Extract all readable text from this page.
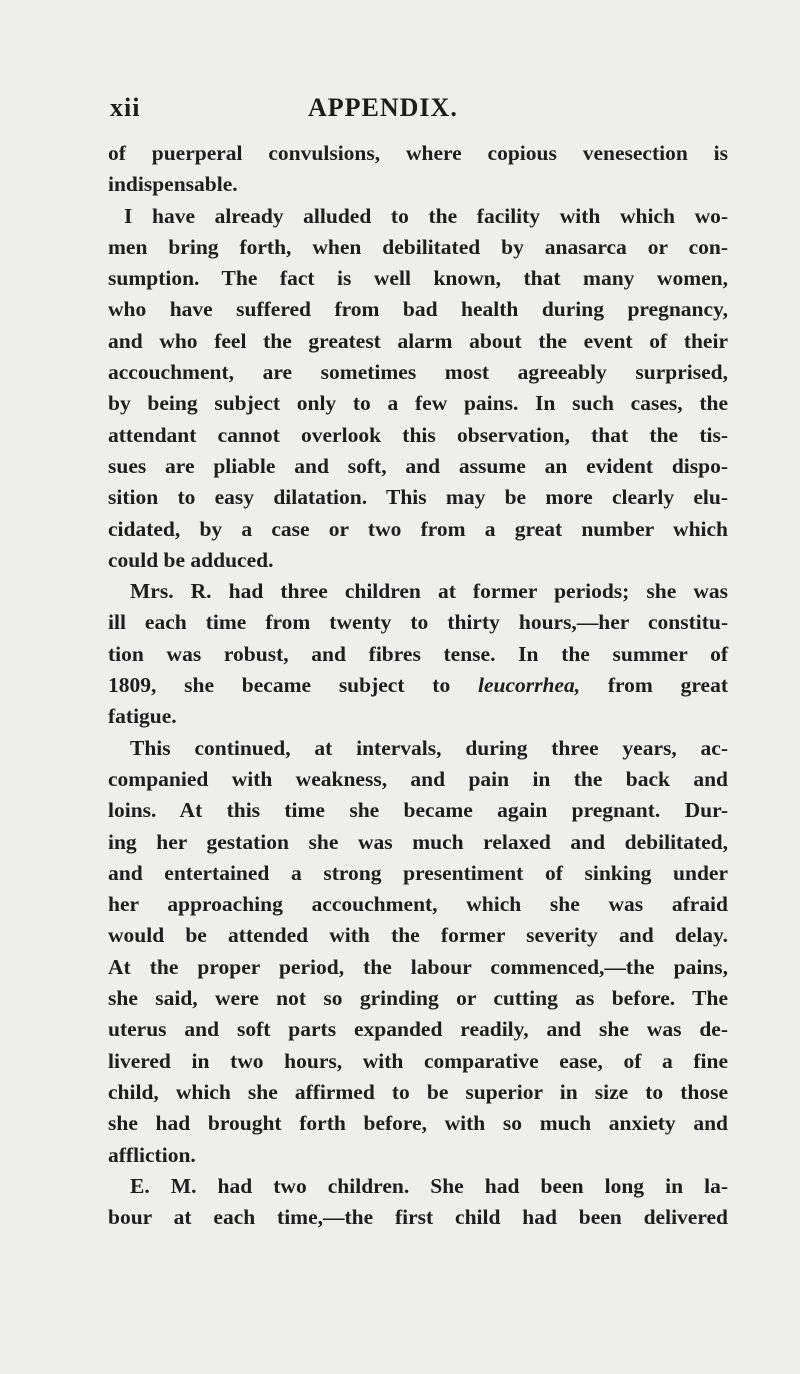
xii	APPENDIX.
of puerperal convulsions, where copious venesection is
indispensable.
I have already alluded to the facility with which wo-
men bring forth, when debilitated by anasarca or con-
sumption. The fact is well known, that many women,
who have suffered from bad health during pregnancy,
and who feel the greatest alarm about the event of their
accouchment, are sometimes most agreeably surprised,
by being subject only to a few pains. In such cases, the
attendant cannot overlook this observation, that the tis-
sues are pliable and soft, and assume an evident dispo-
sition to easy dilatation. This may be more clearly elu-
cidated, by a case or two from a great number which
could be adduced.
Mrs. R. had three children at former periods; she was
ill each time from twenty to thirty hours,—her constitu-
tion was robust, and fibres tense. In the summer of
1809, she became subject to leucorrhea, from great
fatigue.
This continued, at intervals, during three years, ac-
companied with weakness, and pain in the back and
loins. At this time she became again pregnant. Dur-
ing her gestation she was much relaxed and debilitated,
and entertained a strong presentiment of sinking under
her approaching accouchment, which she was afraid
would be attended with the former severity and delay.
At the proper period, the labour commenced,—the pains,
she said, were not so grinding or cutting as before. The
uterus and soft parts expanded readily, and she was de-
livered in two hours, with comparative ease, of a fine
child, which she affirmed to be superior in size to those
she had brought forth before, with so much anxiety and
affliction.
E. M. had two children. She had been long in la-
bour at each time,—the first child had been delivered
